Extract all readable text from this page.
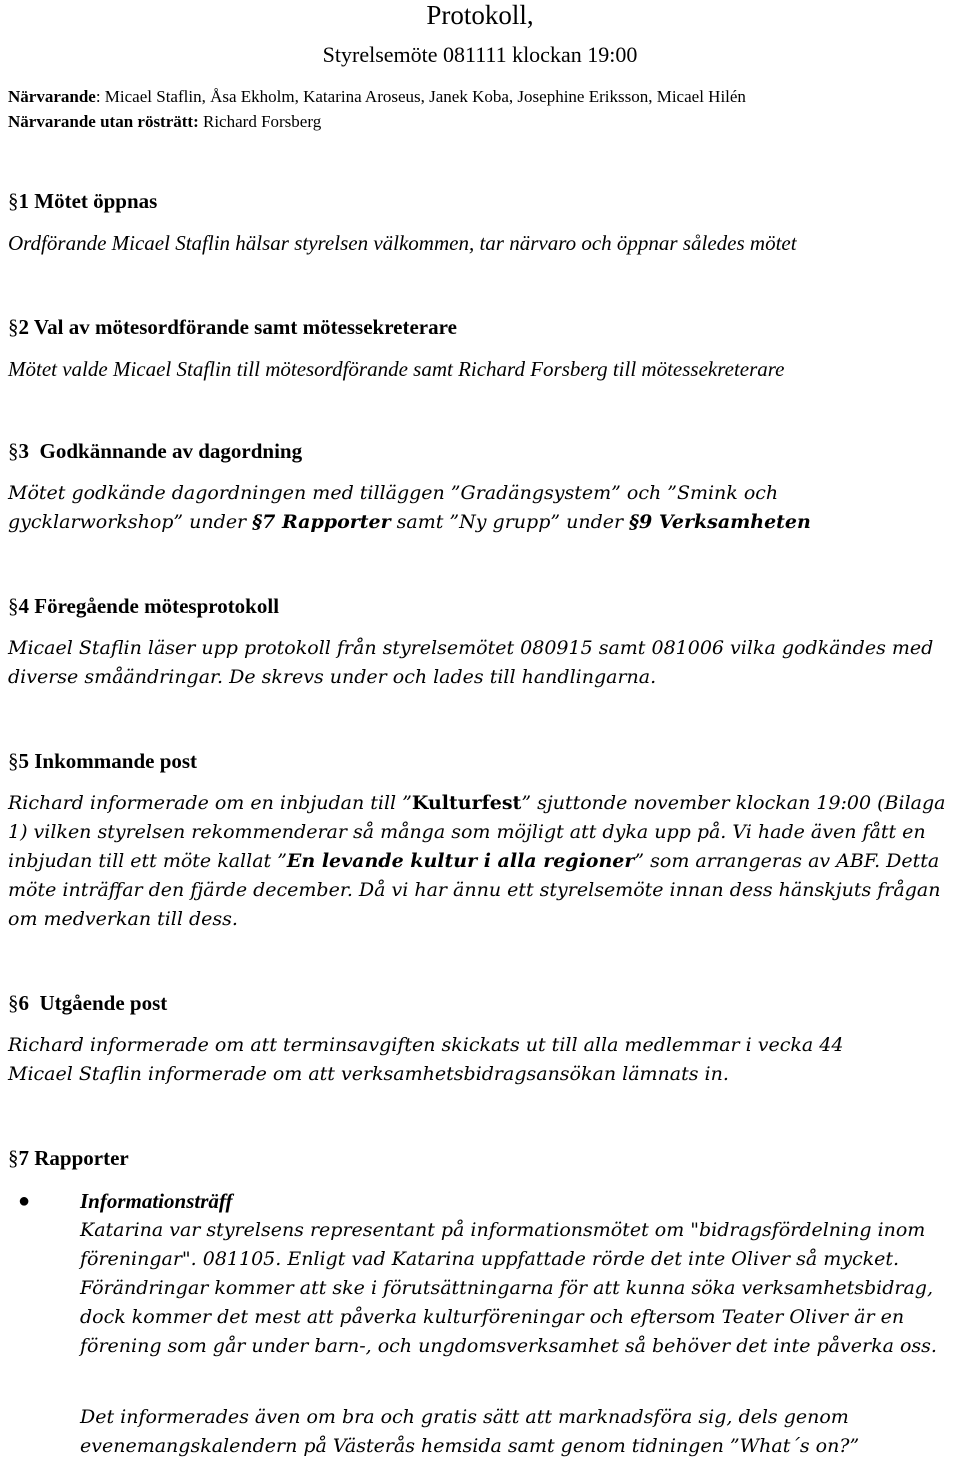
Protokoll,
Styrelsemöte 081111 klockan 19:00
Närvarande: Micael Staflin, Åsa Ekholm, Katarina Aroseus, Janek Koba, Josephine Eriksson, Micael Hilén
Närvarande utan rösträtt: Richard Forsberg
§1 Mötet öppnas
Ordförande Micael Staflin hälsar styrelsen välkommen, tar närvaro och öppnar således mötet
§2 Val av mötesordförande samt mötessekreterare
Mötet valde Micael Staflin till mötesordförande samt Richard Forsberg till mötessekreterare
§3 Godkännande av dagordning
Mötet godkände dagordningen med tilläggen ”Gradängsystem” och ”Smink och gycklarworkshop” under §7 Rapporter samt ”Ny grupp” under §9 Verksamheten
§4 Föregående mötesprotokoll
Micael Staflin läser upp protokoll från styrelsemötet 080915 samt 081006 vilka godkändes med diverse småändringar. De skrevs under och lades till handlingarna.
§5 Inkommande post
Richard informerade om en inbjudan till ”Kulturfest” sjuttonde november klockan 19:00 (Bilaga 1) vilken styrelsen rekommenderar så många som möjligt att dyka upp på. Vi hade även fått en inbjudan till ett möte kallat ”En levande kultur i alla regioner” som arrangeras av ABF. Detta möte inträffar den fjärde december. Då vi har ännu ett styrelsemöte innan dess hänskjuts frågan om medverkan till dess.
§6 Utgående post
Richard informerade om att terminsavgiften skickats ut till alla medlemmar i vecka 44
Micael Staflin informerade om att verksamhetsbidragsansökan lämnats in.
§7 Rapporter
● Informationsträff
Katarina var styrelsens representant på informationsmötet om "bidragsfördelning inom föreningar". 081105. Enligt vad Katarina uppfattade rörde det inte Oliver så mycket. Förändringar kommer att ske i förutsättningarna för att kunna söka verksamhetsbidrag, dock kommer det mest att påverka kulturföreningar och eftersom Teater Oliver är en förening som går under barn-, och ungdomsverksamhet så behöver det inte påverka oss.
Det informerades även om bra och gratis sätt att marknadsföra sig, dels genom evenemangskalendern på Västerås hemsida samt genom tidningen ”What´s on?”
